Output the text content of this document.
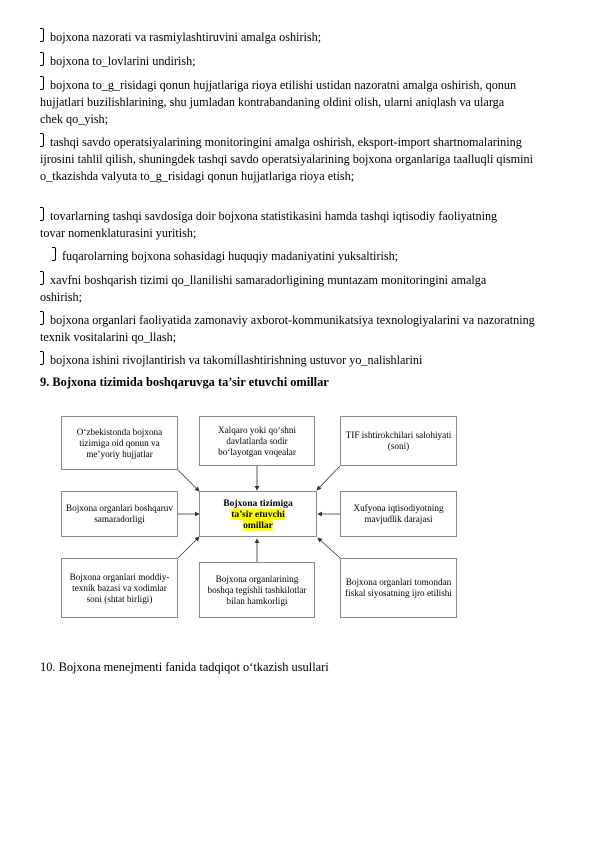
bojxona nazorati va rasmiylashtiruvini amalga oshirish;

bojxona to_lovlarini undirish;

bojxona to_g_risidagi qonun hujjatlariga rioya etilishi ustidan nazoratni amalga oshirish, qonun hujjatlari buzilishlarining, shu jumladan kontrabandaning oldini olish, ularni aniqlash va ularga chek qo_yish;

tashqi savdo operatsiyalarining monitoringini amalga oshirish, eksport-import shartnomalarining ijrosini tahlil qilish, shuningdek tashqi savdo operatsiyalarining bojxona organlariga taalluqli qismini o_tkazishda valyuta to_g_risidagi qonun hujjatlariga rioya etish;

tovarlarning tashqi savdosiga doir bojxona statistikasini hamda tashqi iqtisodiy faoliyatning tovar nomenklaturasini yuritish;

fuqarolarning bojxona sohasidagi huquqiy madaniyatini yuksaltirish;

xavfni boshqarish tizimi qo_llanilishi samaradorligining muntazam monitoringini amalga oshirish;

bojxona organlari faoliyatida zamonaviy axborot-kommunikatsiya texnologiyalarini va nazoratning texnik vositalarini qo_llash;

bojxona ishini rivojlantirish va takomillashtirishning ustuvor yo_nalishlarini

9. Bojxona tizimida boshqaruvga ta’sir etuvchi omillar
O‘zbekistonda bojxona tizimiga oid qonun va me’yoriy hujjatlar
Xalqaro yoki qo‘shni davlatlarda sodir bo‘layotgan voqealar
TIF ishtirokchilari salohiyati (soni)
Bojxona organlari boshqaruv samaradorligi
Bojxona tizimiga
ta’sir etuvchi
omillar
Xufyona iqtisodiyotning mavjudlik darajasi
Bojxona organlari moddiy-texnik bazasi va xodimlar soni (shtat birligi)
Bojxona organlarining boshqa tegishli tashkilotlar bilan hamkorligi
Bojxona organlari tomondan fiskal siyosatning ijro etilishi
10. Bojxona menejmenti fanida tadqiqot o‘tkazish usullari
